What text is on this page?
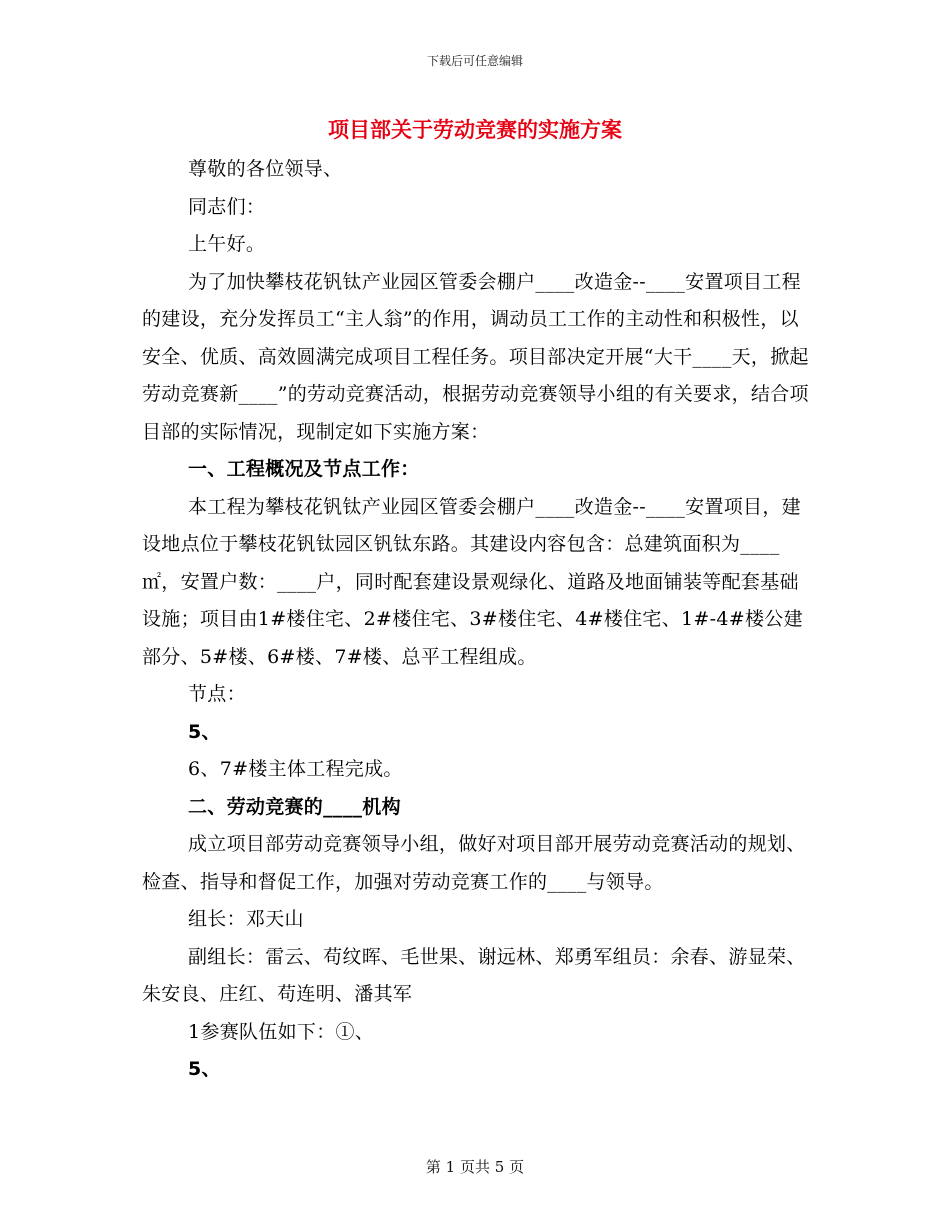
下载后可任意编辑
项目部关于劳动竞赛的实施方案

尊敬的各位领导、

同志们：

上午好。

为了加快攀枝花钒钛产业园区管委会棚户____改造金--____安置项目工程的建设，充分发挥员工“主人翁”的作用，调动员工工作的主动性和积极性，以安全、优质、高效圆满完成项目工程任务。项目部决定开展“大干____天，掀起劳动竞赛新____”的劳动竞赛活动，根据劳动竞赛领导小组的有关要求，结合项目部的实际情况，现制定如下实施方案：

一、工程概况及节点工作：

本工程为攀枝花钒钛产业园区管委会棚户____改造金--____安置项目，建设地点位于攀枝花钒钛园区钒钛东路。其建设内容包含：总建筑面积为____㎡，安置户数：____户，同时配套建设景观绿化、道路及地面铺装等配套基础设施；项目由1#楼住宅、2#楼住宅、3#楼住宅、4#楼住宅、1#-4#楼公建部分、5#楼、6#楼、7#楼、总平工程组成。

节点：

5、

6、7#楼主体工程完成。

二、劳动竞赛的____机构

成立项目部劳动竞赛领导小组，做好对项目部开展劳动竞赛活动的规划、检查、指导和督促工作，加强对劳动竞赛工作的____与领导。

组长：邓天山

副组长：雷云、苟纹晖、毛世果、谢远林、郑勇军组员：余春、游显荣、朱安良、庄红、苟连明、潘其军

1参赛队伍如下：①、

5、

第 1 页共 5 页
